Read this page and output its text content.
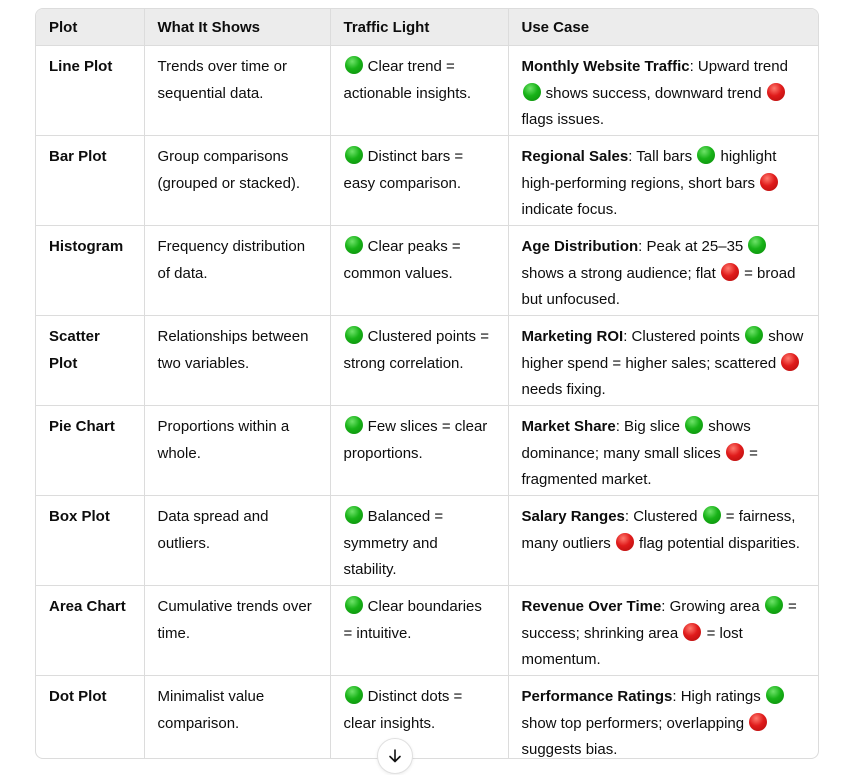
Plot	What It Shows	Traffic Light	Use Case
Line Plot	Trends over time or sequential data.	Clear trend = actionable insights.	Monthly Website Traffic: Upward trend  shows success, downward trend  flags issues.
Bar Plot	Group comparisons (grouped or stacked).	Distinct bars = easy comparison.	Regional Sales: Tall bars  highlight high-performing regions, short bars  indicate focus.
Histogram	Frequency distribution of data.	Clear peaks = common values.	Age Distribution: Peak at 25–35  shows a strong audience; flat  = broad but unfocused.
Scatter Plot	Relationships between two variables.	Clustered points = strong correlation.	Marketing ROI: Clustered points  show higher spend = higher sales; scattered  needs fixing.
Pie Chart	Proportions within a whole.	Few slices = clear proportions.	Market Share: Big slice  shows dominance; many small slices  = fragmented market.
Box Plot	Data spread and outliers.	Balanced = symmetry and stability.	Salary Ranges: Clustered  = fairness, many outliers  flag potential disparities.
Area Chart	Cumulative trends over time.	Clear boundaries = intuitive.	Revenue Over Time: Growing area  = success; shrinking area  = lost momentum.
Dot Plot	Minimalist value comparison.	Distinct dots = clear insights.	Performance Ratings: High ratings  show top performers; overlapping  suggests bias.
